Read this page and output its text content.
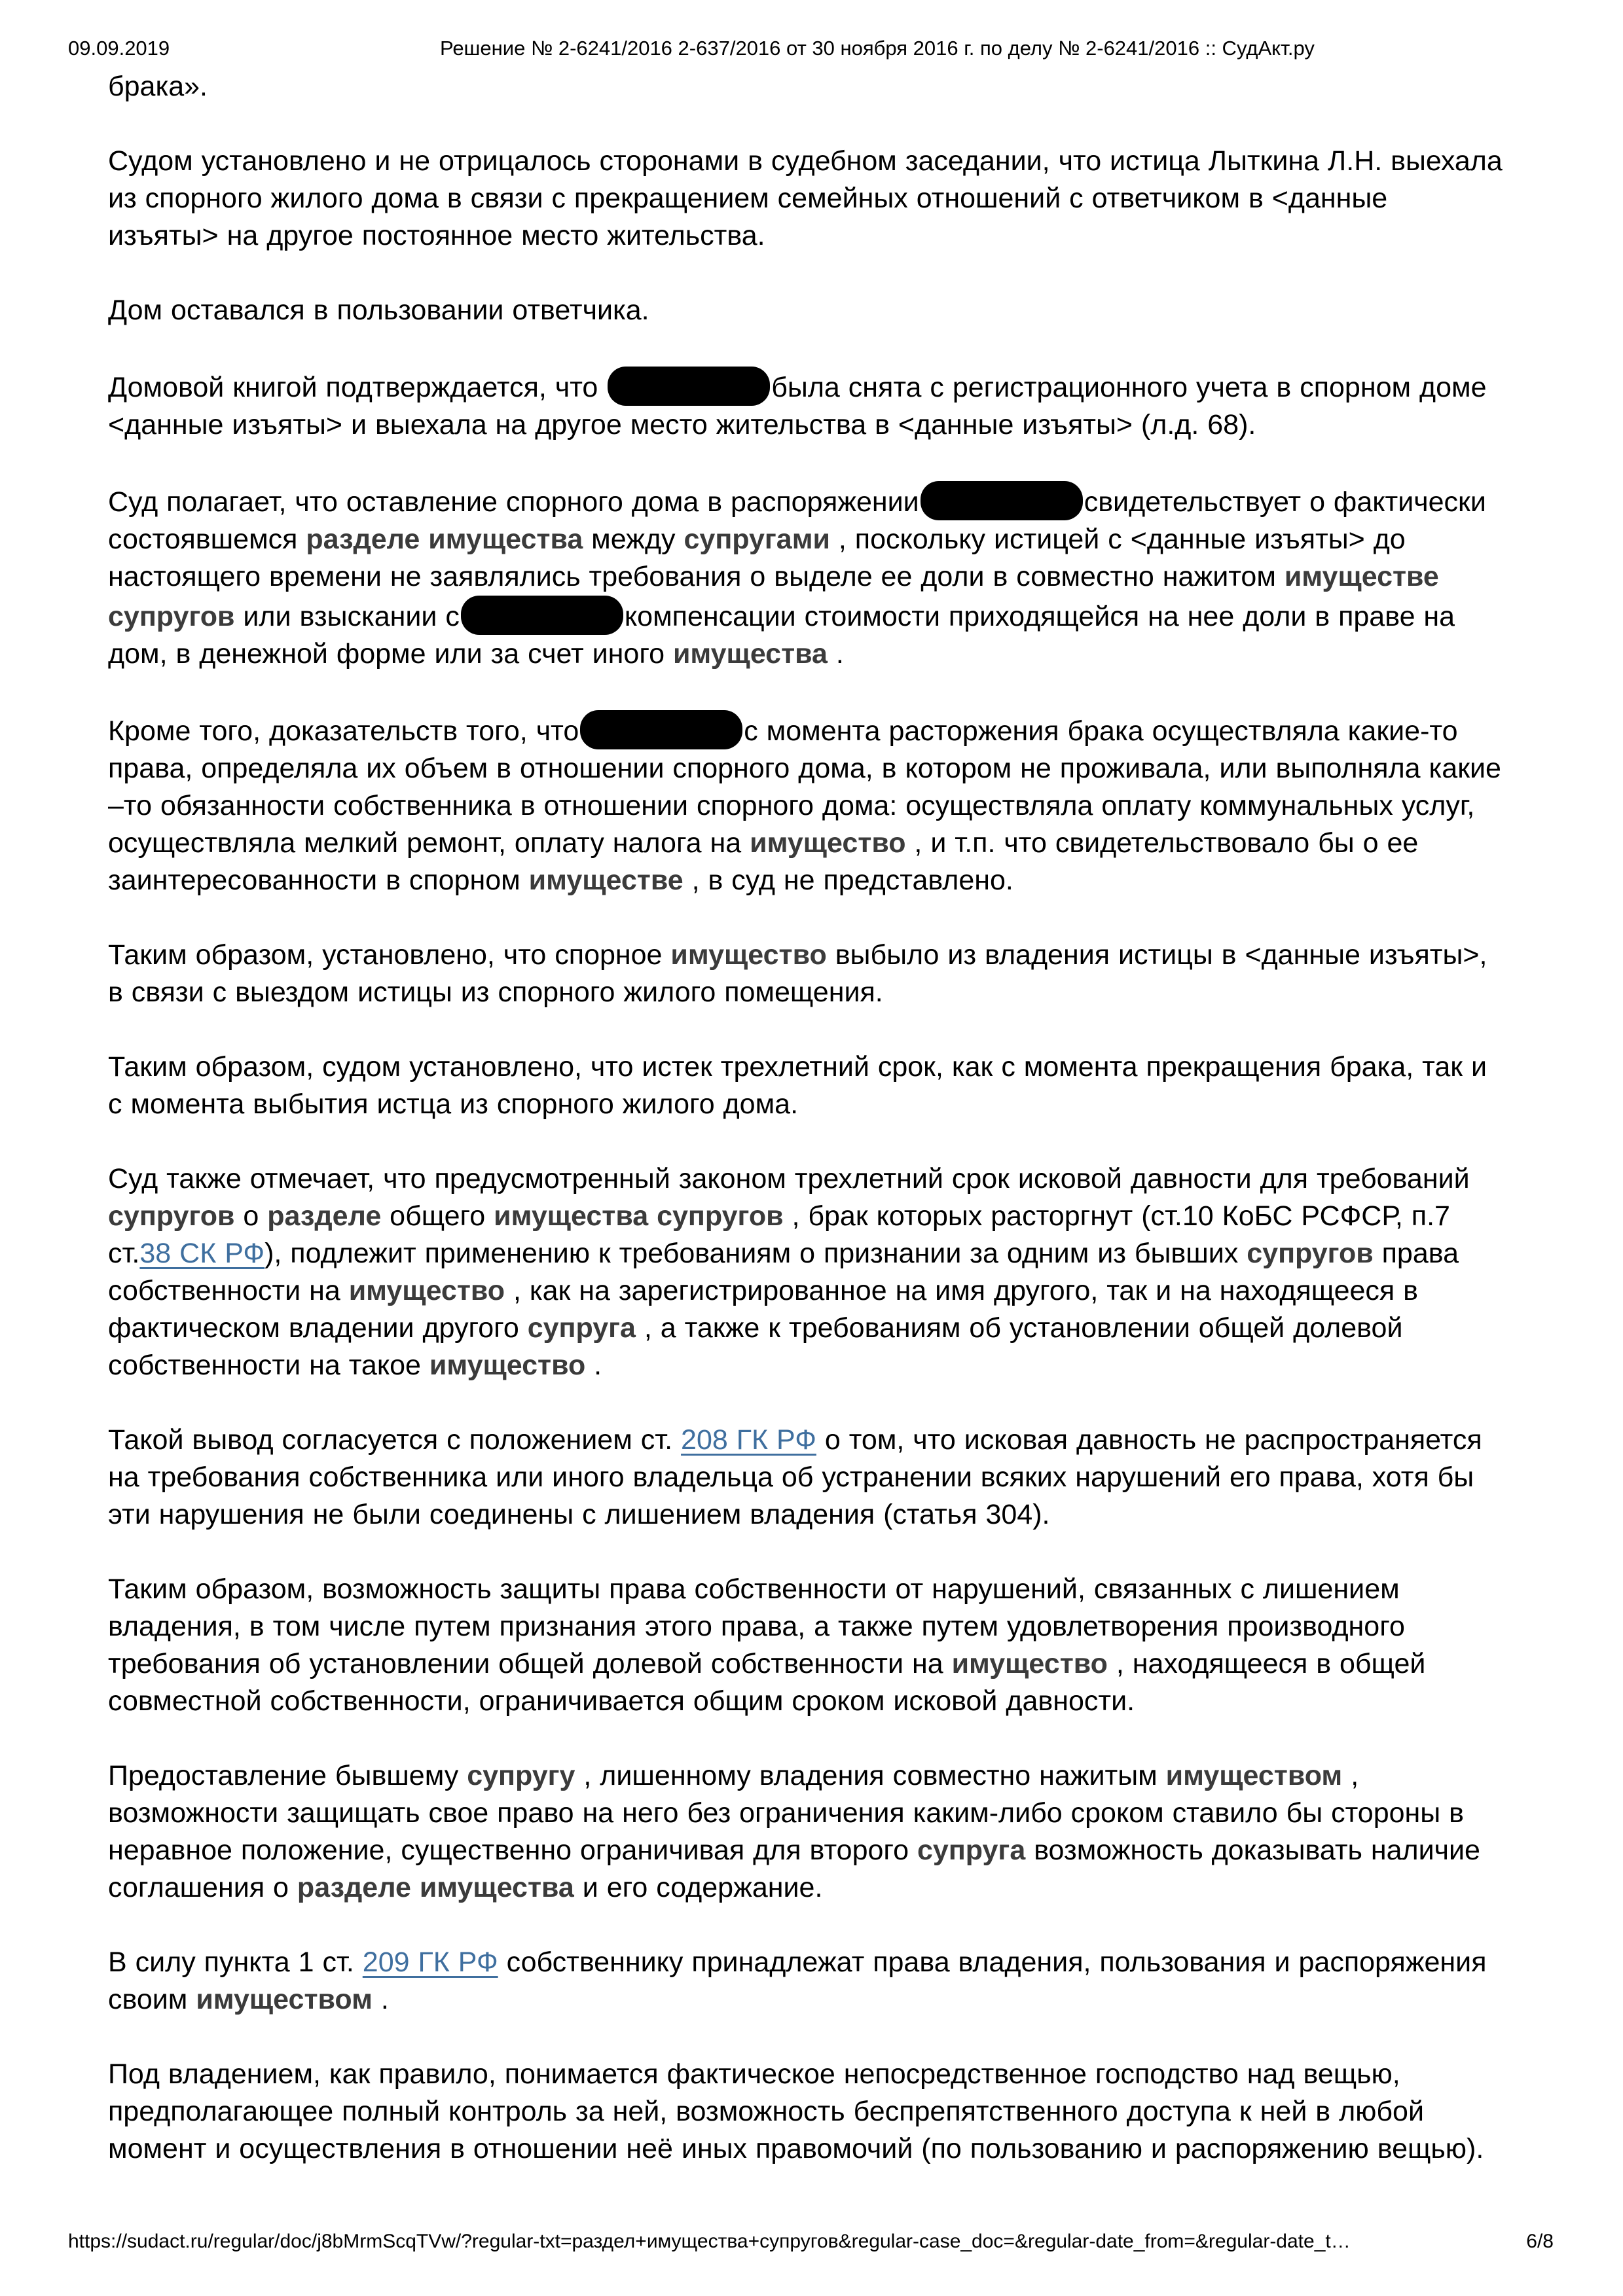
09.09.2019	Решение № 2-6241/2016 2-637/2016 от 30 ноября 2016 г. по делу № 2-6241/2016 :: СудАкт.ру

брака».

Судом установлено и не отрицалось сторонами в судебном заседании, что истица Лыткина Л.Н. выехала из спорного жилого дома в связи с прекращением семейных отношений с ответчиком в <данные изъяты> на другое постоянное место жительства.

Дом оставался в пользовании ответчика.

Домовой книгой подтверждается, что	была снята с регистрационного учета в спорном доме <данные изъяты> и выехала на другое место жительства в <данные изъяты> (л.д. 68).

Суд полагает, что оставление спорного дома в распоряжении	свидетельствует о фактически состоявшемся разделе имущества между супругами , поскольку истицей с <данные изъяты> до настоящего времени не заявлялись требования о выделе ее доли в совместно нажитом имуществе супругов или взыскании с	компенсации стоимости приходящейся на нее доли в праве на дом, в денежной форме или за счет иного имущества .

Кроме того, доказательств того, что	с момента расторжения брака осуществляла какие-то права, определяла их объем в отношении спорного дома, в котором не проживала, или выполняла какие –то обязанности собственника в отношении спорного дома: осуществляла оплату коммунальных услуг, осуществляла мелкий ремонт, оплату налога на имущество , и т.п. что свидетельствовало бы о ее заинтересованности в спорном имуществе , в суд не представлено.

Таким образом, установлено, что спорное имущество выбыло из владения истицы в <данные изъяты>, в связи с выездом истицы из спорного жилого помещения.

Таким образом, судом установлено, что истек трехлетний срок, как с момента прекращения брака, так и с момента выбытия истца из спорного жилого дома.

Суд также отмечает, что предусмотренный законом трехлетний срок исковой давности для требований супругов о разделе общего имущества супругов , брак которых расторгнут (ст.10 КоБС РСФСР, п.7 ст.38 СК РФ), подлежит применению к требованиям о признании за одним из бывших супругов права собственности на имущество , как на зарегистрированное на имя другого, так и на находящееся в фактическом владении другого супруга , а также к требованиям об установлении общей долевой собственности на такое имущество .

Такой вывод согласуется с положением ст. 208 ГК РФ о том, что исковая давность не распространяется на требования собственника или иного владельца об устранении всяких нарушений его права, хотя бы эти нарушения не были соединены с лишением владения (статья 304).

Таким образом, возможность защиты права собственности от нарушений, связанных с лишением владения, в том числе путем признания этого права, а также путем удовлетворения производного требования об установлении общей долевой собственности на имущество , находящееся в общей совместной собственности, ограничивается общим сроком исковой давности.

Предоставление бывшему супругу , лишенному владения совместно нажитым имуществом , возможности защищать свое право на него без ограничения каким-либо сроком ставило бы стороны в неравное положение, существенно ограничивая для второго супруга возможность доказывать наличие соглашения о разделе имущества и его содержание.

В силу пункта 1 ст. 209 ГК РФ собственнику принадлежат права владения, пользования и распоряжения своим имуществом .

Под владением, как правило, понимается фактическое непосредственное господство над вещью, предполагающее полный контроль за ней, возможность беспрепятственного доступа к ней в любой момент и осуществления в отношении неё иных правомочий (по пользованию и распоряжению вещью).

https://sudact.ru/regular/doc/j8bMrmScqTVw/?regular-txt=раздел+имущества+супругов&regular-case_doc=&regular-date_from=&regular-date_t…	6/8
